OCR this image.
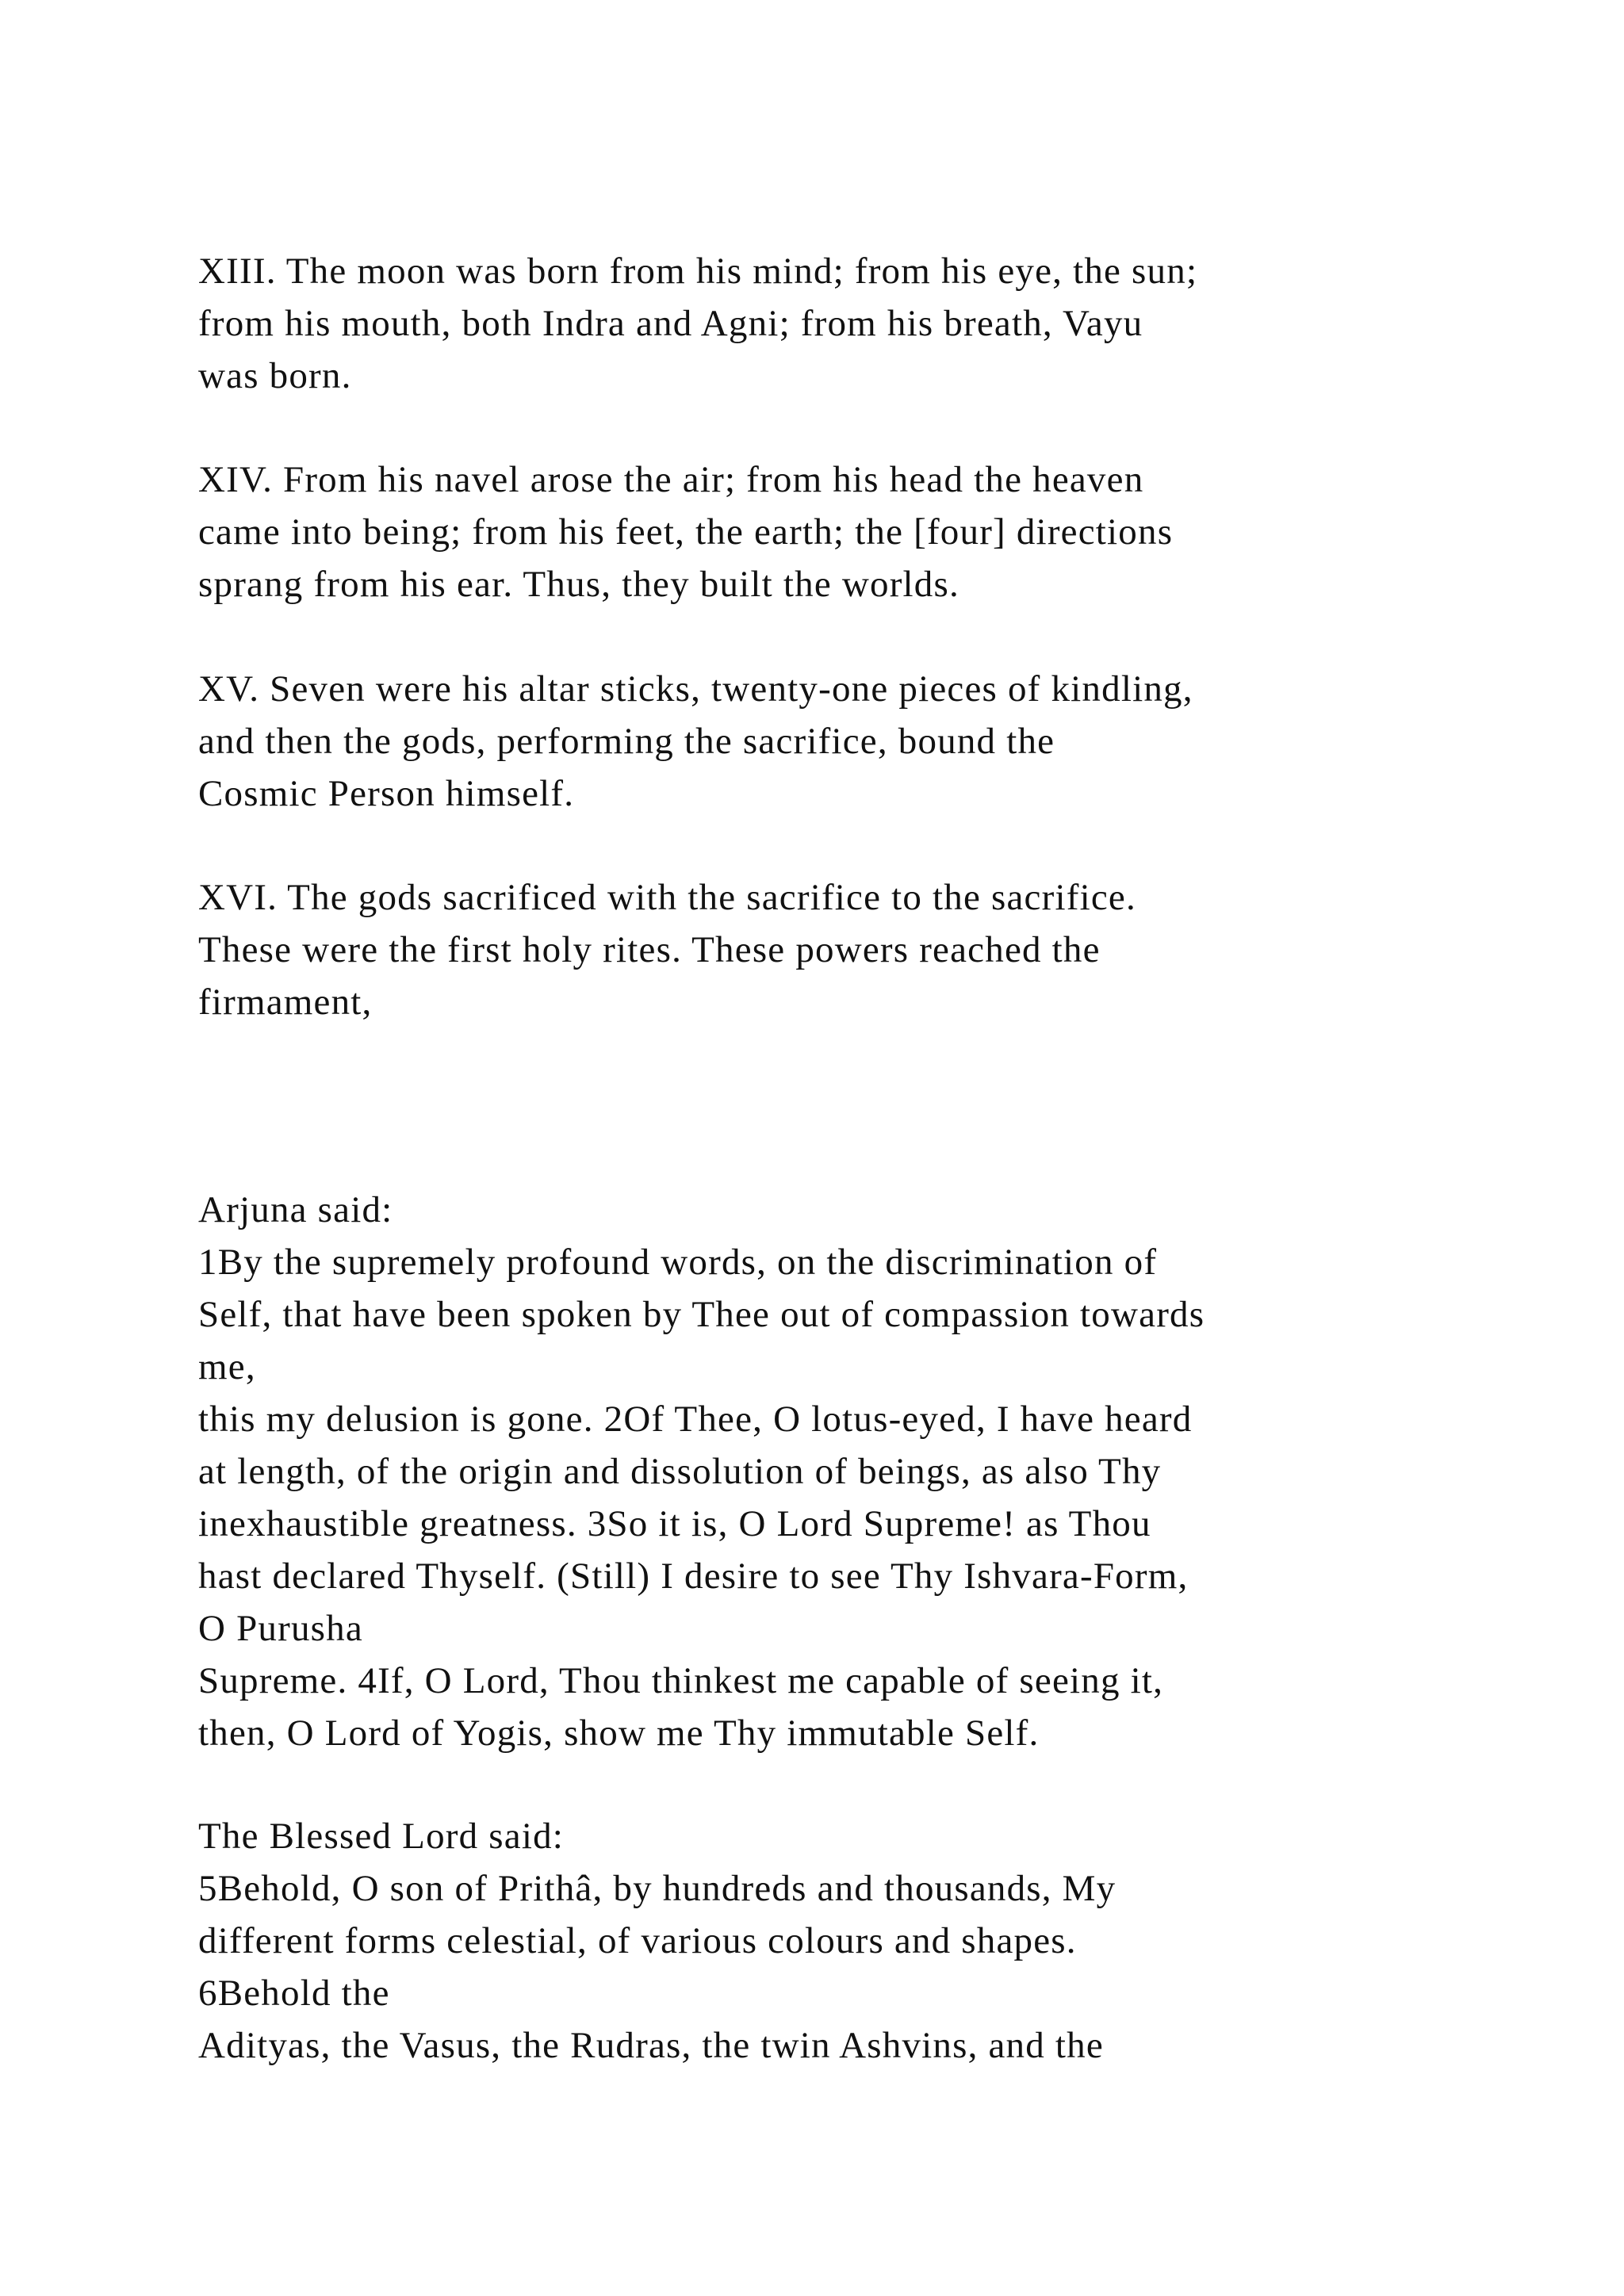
XIII. The moon was born from his mind; from his eye, the sun;
from his mouth, both Indra and Agni; from his breath, Vayu
was born.
XIV. From his navel arose the air; from his head the heaven
came into being; from his feet, the earth; the [four] directions
sprang from his ear. Thus, they built the worlds.
XV. Seven were his altar sticks, twenty-one pieces of kindling,
and then the gods, performing the sacrifice, bound the
Cosmic Person himself.
XVI. The gods sacrificed with the sacrifice to the sacrifice.
These were the first holy rites. These powers reached the
firmament,
Arjuna said:
1By the supremely profound words, on the discrimination of
Self, that have been spoken by Thee out of compassion towards
me,
this my delusion is gone. 2Of Thee, O lotus-eyed, I have heard
at length, of the origin and dissolution of beings, as also Thy
inexhaustible greatness. 3So it is, O Lord Supreme! as Thou
hast declared Thyself. (Still) I desire to see Thy Ishvara-Form,
O Purusha
Supreme. 4If, O Lord, Thou thinkest me capable of seeing it,
then, O Lord of Yogis, show me Thy immutable Self.
The Blessed Lord said:
5Behold, O son of Prithâ, by hundreds and thousands, My
different forms celestial, of various colours and shapes.
6Behold the
Adityas, the Vasus, the Rudras, the twin Ashvins, and the
